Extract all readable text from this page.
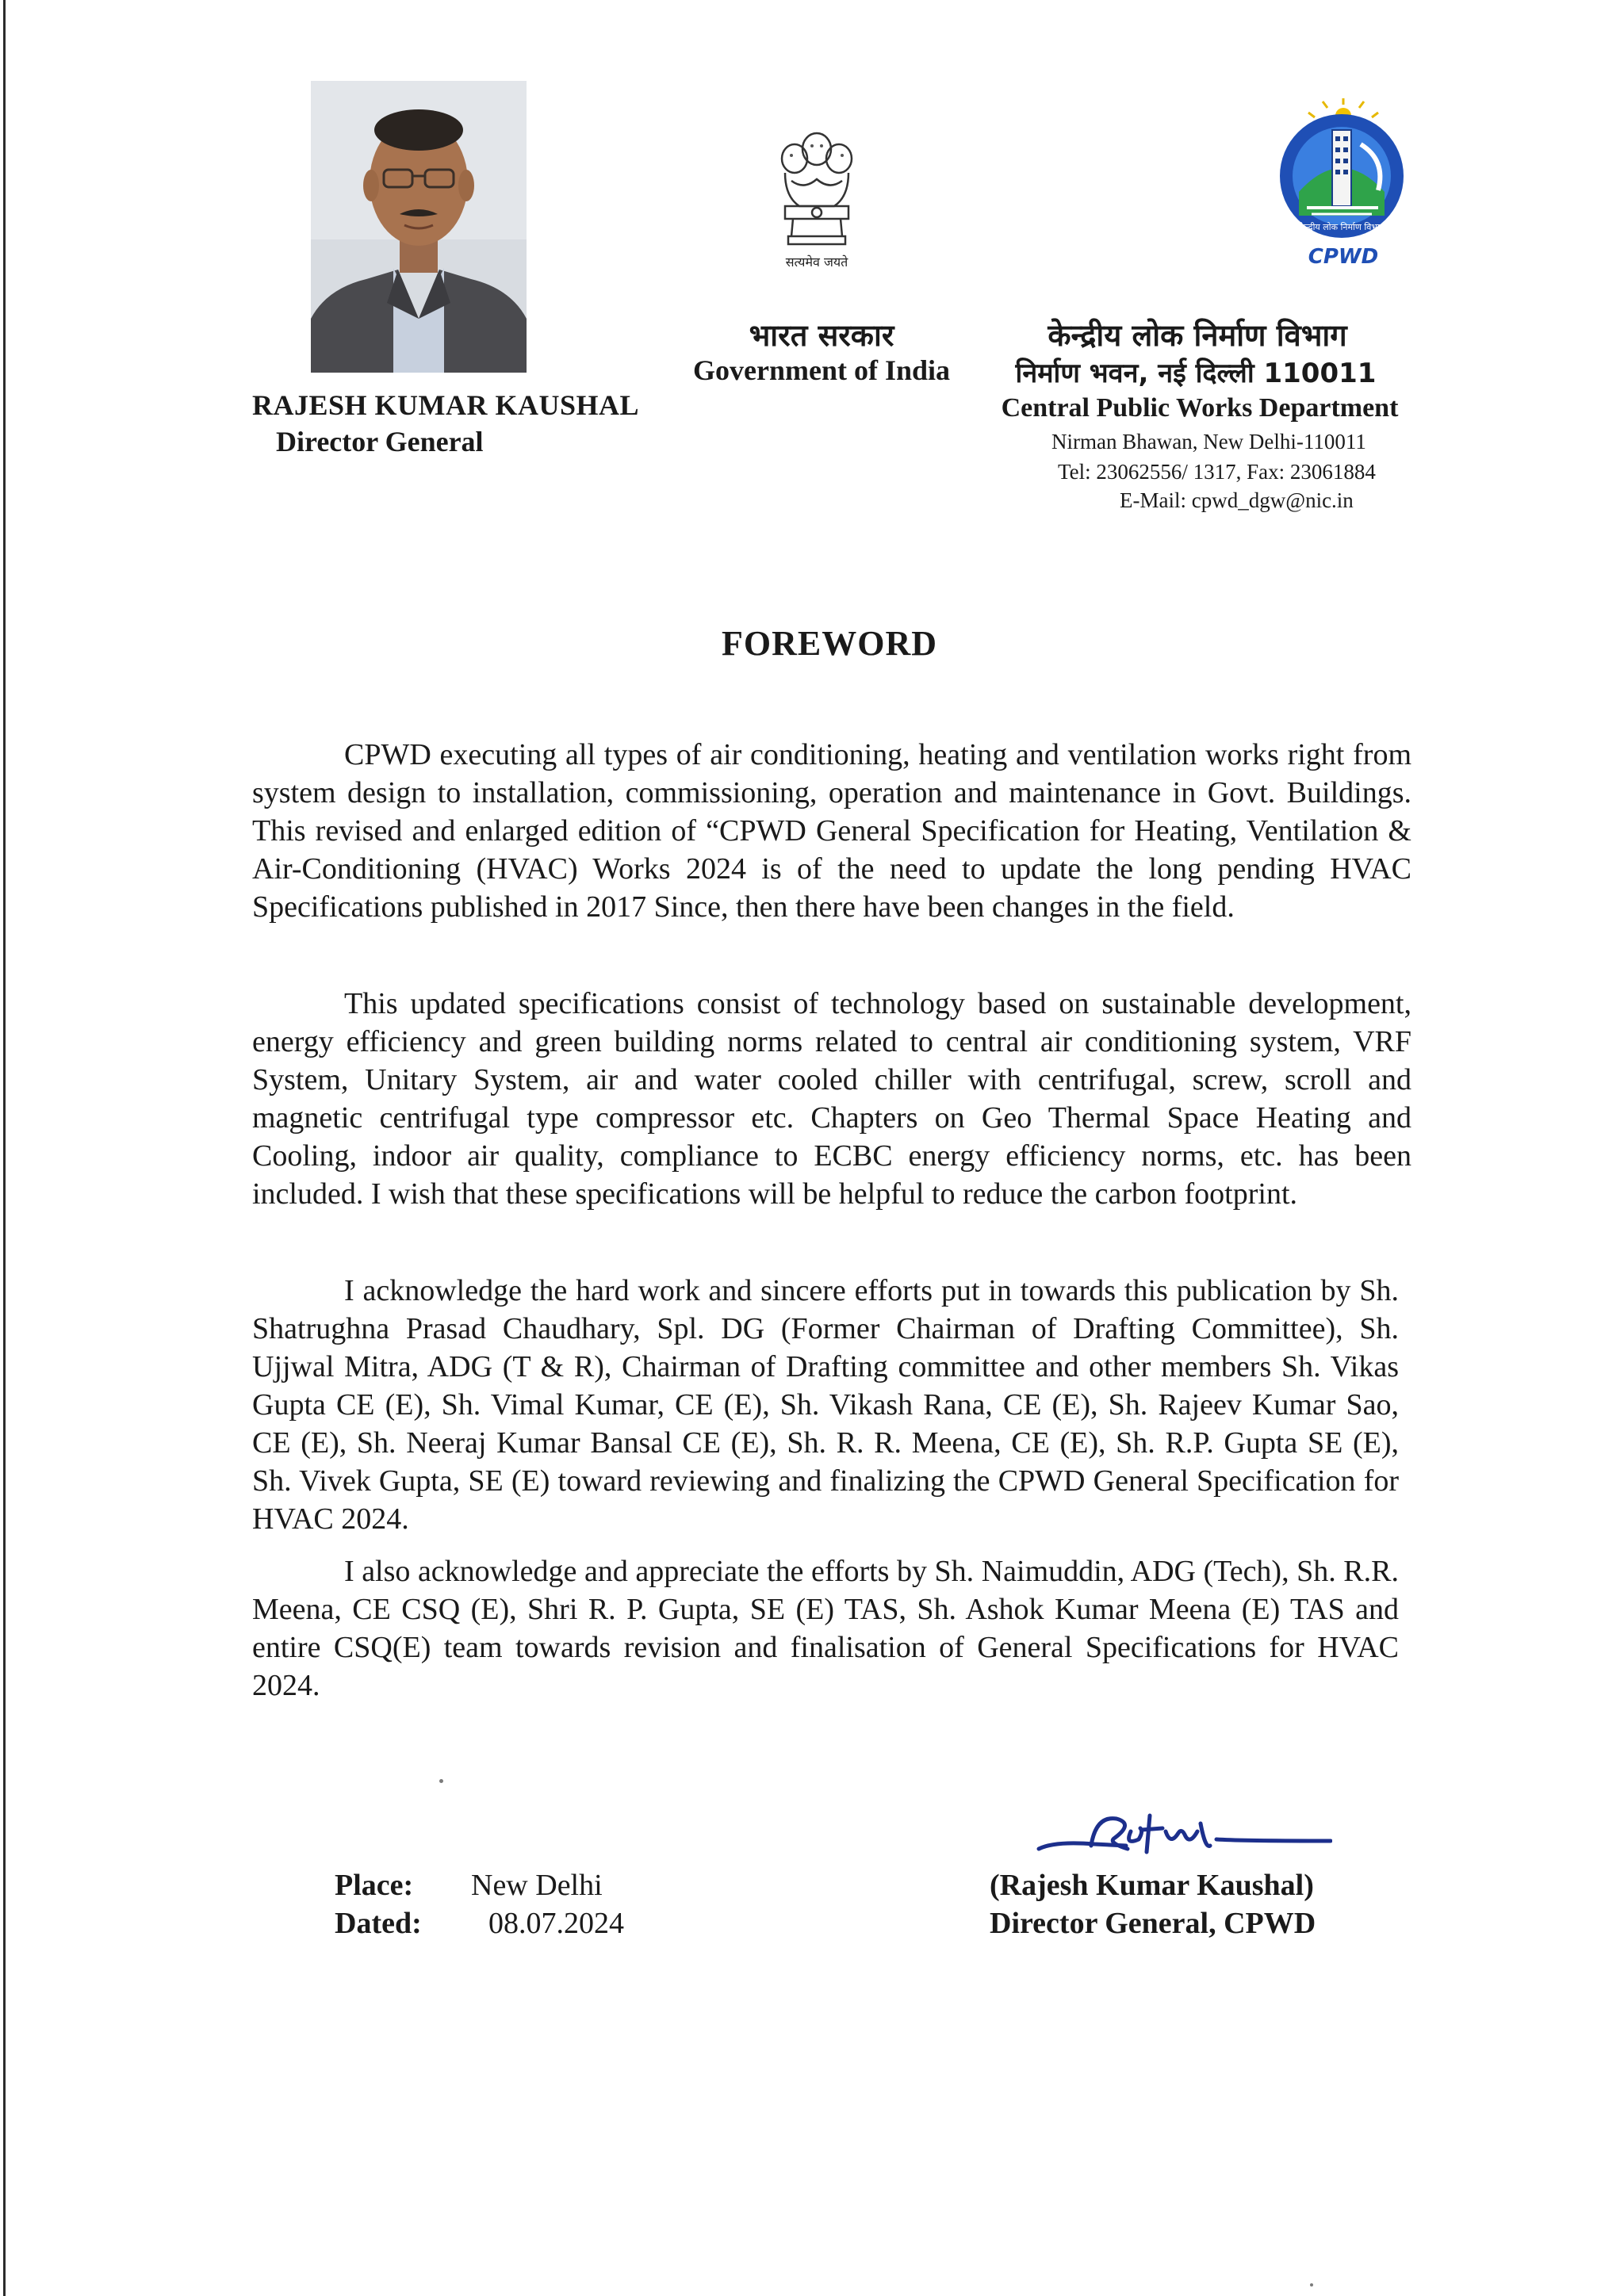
RAJESH KUMAR KAUSHAL
Director General
सत्यमेव जयते
भारत सरकार
Government of India
केन्द्रीय लोक निर्माण विभाग
CPWD
केन्द्रीय लोक निर्माण विभाग
निर्माण भवन, नई दिल्ली 110011
Central Public Works Department
Nirman Bhawan, New Delhi-110011
Tel: 23062556/ 1317, Fax: 23061884
E-Mail: cpwd_dgw@nic.in
FOREWORD

CPWD executing all types of air conditioning, heating and ventilation works right from system design to installation, commissioning, operation and maintenance in Govt. Buildings. This revised and enlarged edition of “CPWD General Specification for Heating, Ventilation & Air-Conditioning (HVAC) Works 2024 is of the need to update the long pending HVAC Specifications published in 2017 Since, then there have been changes in the field.

This updated specifications consist of technology based on sustainable development, energy efficiency and green building norms related to central air conditioning system, VRF System, Unitary System, air and water cooled chiller with centrifugal, screw, scroll and magnetic centrifugal type compressor etc. Chapters on Geo Thermal Space Heating and Cooling, indoor air quality, compliance to ECBC energy efficiency norms, etc. has been included. I wish that these specifications will be helpful to reduce the carbon footprint.

I acknowledge the hard work and sincere efforts put in towards this publication by Sh. Shatrughna Prasad Chaudhary, Spl. DG (Former Chairman of Drafting Committee), Sh. Ujjwal Mitra, ADG (T & R), Chairman of Drafting committee and other members Sh. Vikas Gupta CE (E), Sh. Vimal Kumar, CE (E), Sh. Vikash Rana, CE (E), Sh. Rajeev Kumar Sao, CE (E), Sh. Neeraj Kumar Bansal CE (E), Sh. R. R. Meena, CE (E), Sh. R.P. Gupta SE (E), Sh. Vivek Gupta, SE (E) toward reviewing and finalizing the CPWD General Specification for HVAC 2024.

I also acknowledge and appreciate the efforts by Sh. Naimuddin, ADG (Tech), Sh. R.R. Meena, CE CSQ (E), Shri R. P. Gupta, SE (E) TAS, Sh. Ashok Kumar Meena (E) TAS and entire CSQ(E) team towards revision and finalisation of General Specifications for HVAC 2024.

Place: New Delhi
Dated: 08.07.2024
(Rajesh Kumar Kaushal)
Director General, CPWD
